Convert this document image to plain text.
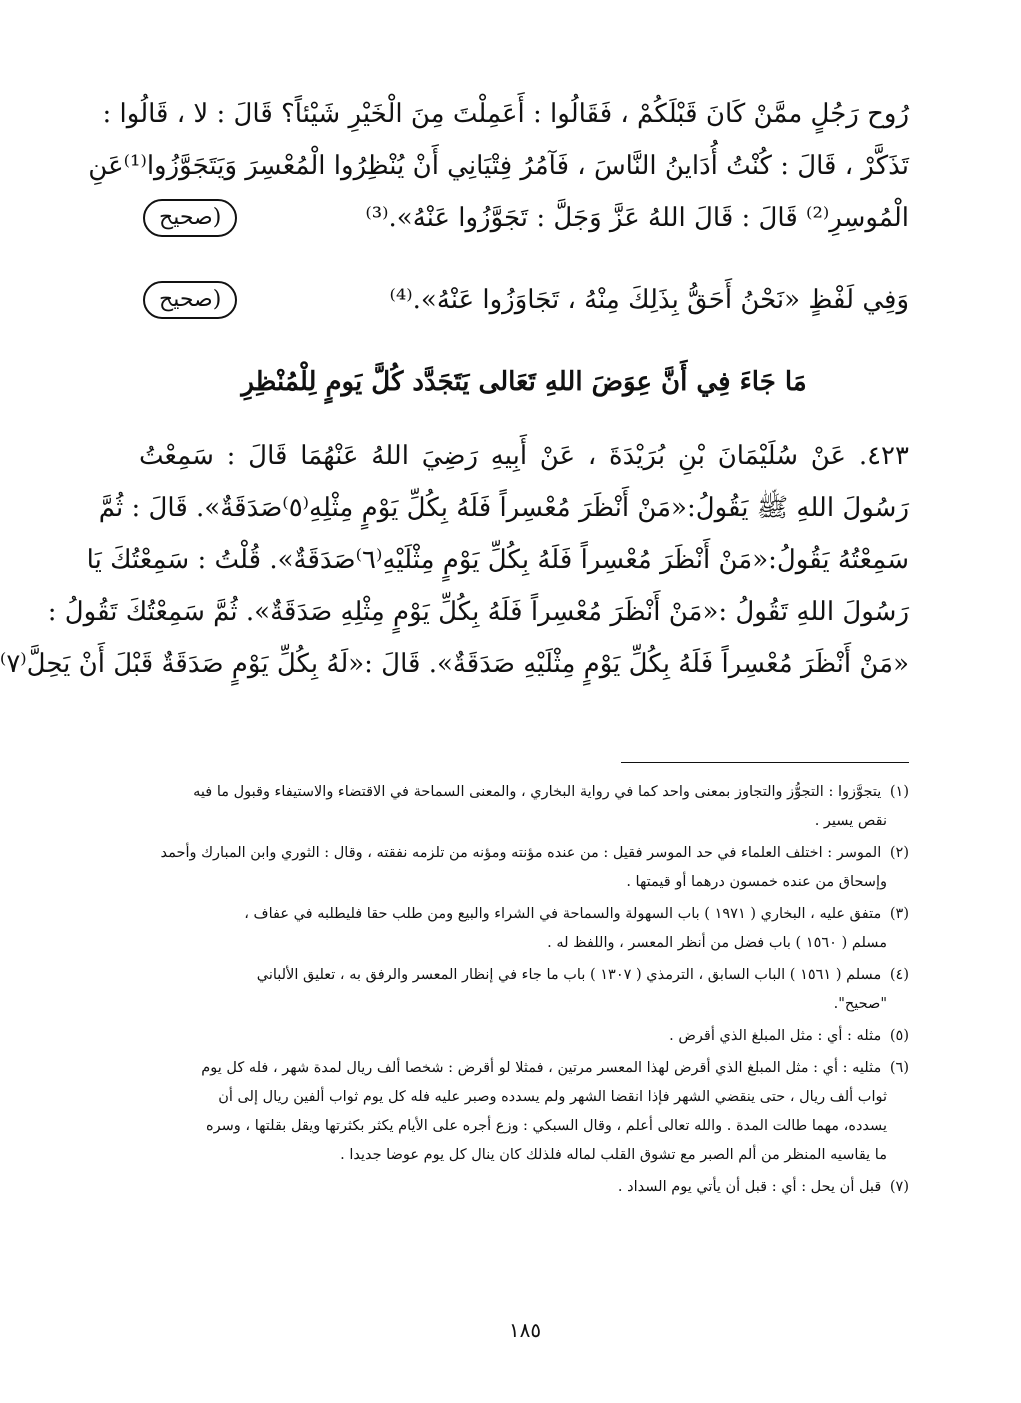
رُوح رَجُلٍ ممَّنْ كَانَ قَبْلَكُمْ ، فَقَالُوا : أَعَمِلْتَ مِنَ الْخَيْرِ شَيْئاً؟ قَالَ : لا ، قَالُوا :
تَذَكَّرْ ، قَالَ : كُنْتُ أُدَاينُ النَّاسَ ، فَآمُرُ فِتْيَانِي أَنْ يُنْظِرُوا الْمُعْسِرَ وَيَتَجَوَّزُوا⁽¹⁾عَنِ
الْمُوسِرِ⁽²⁾ قَالَ : قَالَ اللهُ عَزَّ وَجَلَّ : تَجَوَّزُوا عَنْهُ».⁽³⁾
(صحيح
وَفِي لَفْظٍ «نَحْنُ أَحَقُّ بِذَلِكَ مِنْهُ ، تَجَاوَزُوا عَنْهُ».⁽⁴⁾
(صحيح
مَا جَاءَ فِي أَنَّ عِوَضَ اللهِ تَعَالى يَتَجَدَّد كُلَّ يَومٍ لِلْمُنْظِرِ
٤٢٣. عَنْ سُلَيْمَانَ بْنِ بُرَيْدَةَ ، عَنْ أَبِيهِ رَضِيَ اللهُ عَنْهُمَا قَالَ : سَمِعْتُ
رَسُولَ اللهِ ﷺ يَقُولُ:«مَنْ أَنْظَرَ مُعْسِراً فَلَهُ بِكُلِّ يَوْمٍ مِثْلِهِ⁽٥⁾صَدَقَةٌ». قَالَ : ثُمَّ
سَمِعْتُهُ يَقُولُ:«مَنْ أَنْظَرَ مُعْسِراً فَلَهُ بِكُلِّ يَوْمٍ مِثْلَيْهِ⁽٦⁾صَدَقَةٌ». قُلْتُ : سَمِعْتُكَ يَا
رَسُولَ اللهِ تَقُولُ :«مَنْ أَنْظَرَ مُعْسِراً فَلَهُ بِكُلِّ يَوْمٍ مِثْلِهِ صَدَقَةٌ». ثُمَّ سَمِعْتُكَ تَقُولُ :
«مَنْ أَنْظَرَ مُعْسِراً فَلَهُ بِكُلِّ يَوْمٍ مِثْلَيْهِ صَدَقَةٌ». قَالَ :«لَهُ بِكُلِّ يَوْمٍ صَدَقَةٌ قَبْلَ أَنْ يَحِلَّ⁽٧⁾
(١) يتجوَّزوا : التجوُّز والتجاوز بمعنى واحد كما في رواية البخاري ، والمعنى السماحة في الاقتضاء والاستيفاء وقبول ما فيه
نقص يسير .
(٢) الموسر : اختلف العلماء في حد الموسر فقيل : من عنده مؤنته ومؤنه من تلزمه نفقته ، وقال : الثوري وابن المبارك وأحمد
وإسحاق من عنده خمسون درهما أو قيمتها .
(٣) متفق عليه ، البخاري ( ١٩٧١ ) باب السهولة والسماحة في الشراء والبيع ومن طلب حقا فليطلبه في عفاف ،
مسلم ( ١٥٦٠ ) باب فضل من أنظر المعسر ، واللفظ له .
(٤) مسلم ( ١٥٦١ ) الباب السابق ، الترمذي ( ١٣٠٧ ) باب ما جاء في إنظار المعسر والرفق به ، تعليق الألباني
"صحيح".
(٥) مثله : أي : مثل المبلغ الذي أقرض .
(٦) مثليه : أي : مثل المبلغ الذي أقرض لهذا المعسر مرتين ، فمثلا لو أقرض : شخصا ألف ريال لمدة شهر ، فله كل يوم
ثواب ألف ريال ، حتى ينقضي الشهر فإذا انقضا الشهر ولم يسدده وصبر عليه فله كل يوم ثواب ألفين ريال إلى أن
يسدده، مهما طالت المدة . والله تعالى أعلم ، وقال السبكي : وزع أجره على الأيام يكثر بكثرتها ويقل بقلتها ، وسره
ما يقاسيه المنظر من ألم الصبر مع تشوق القلب لماله فلذلك كان ينال كل يوم عوضا جديدا .
(٧) قبل أن يحل : أي : قبل أن يأتي يوم السداد .
١٨٥
